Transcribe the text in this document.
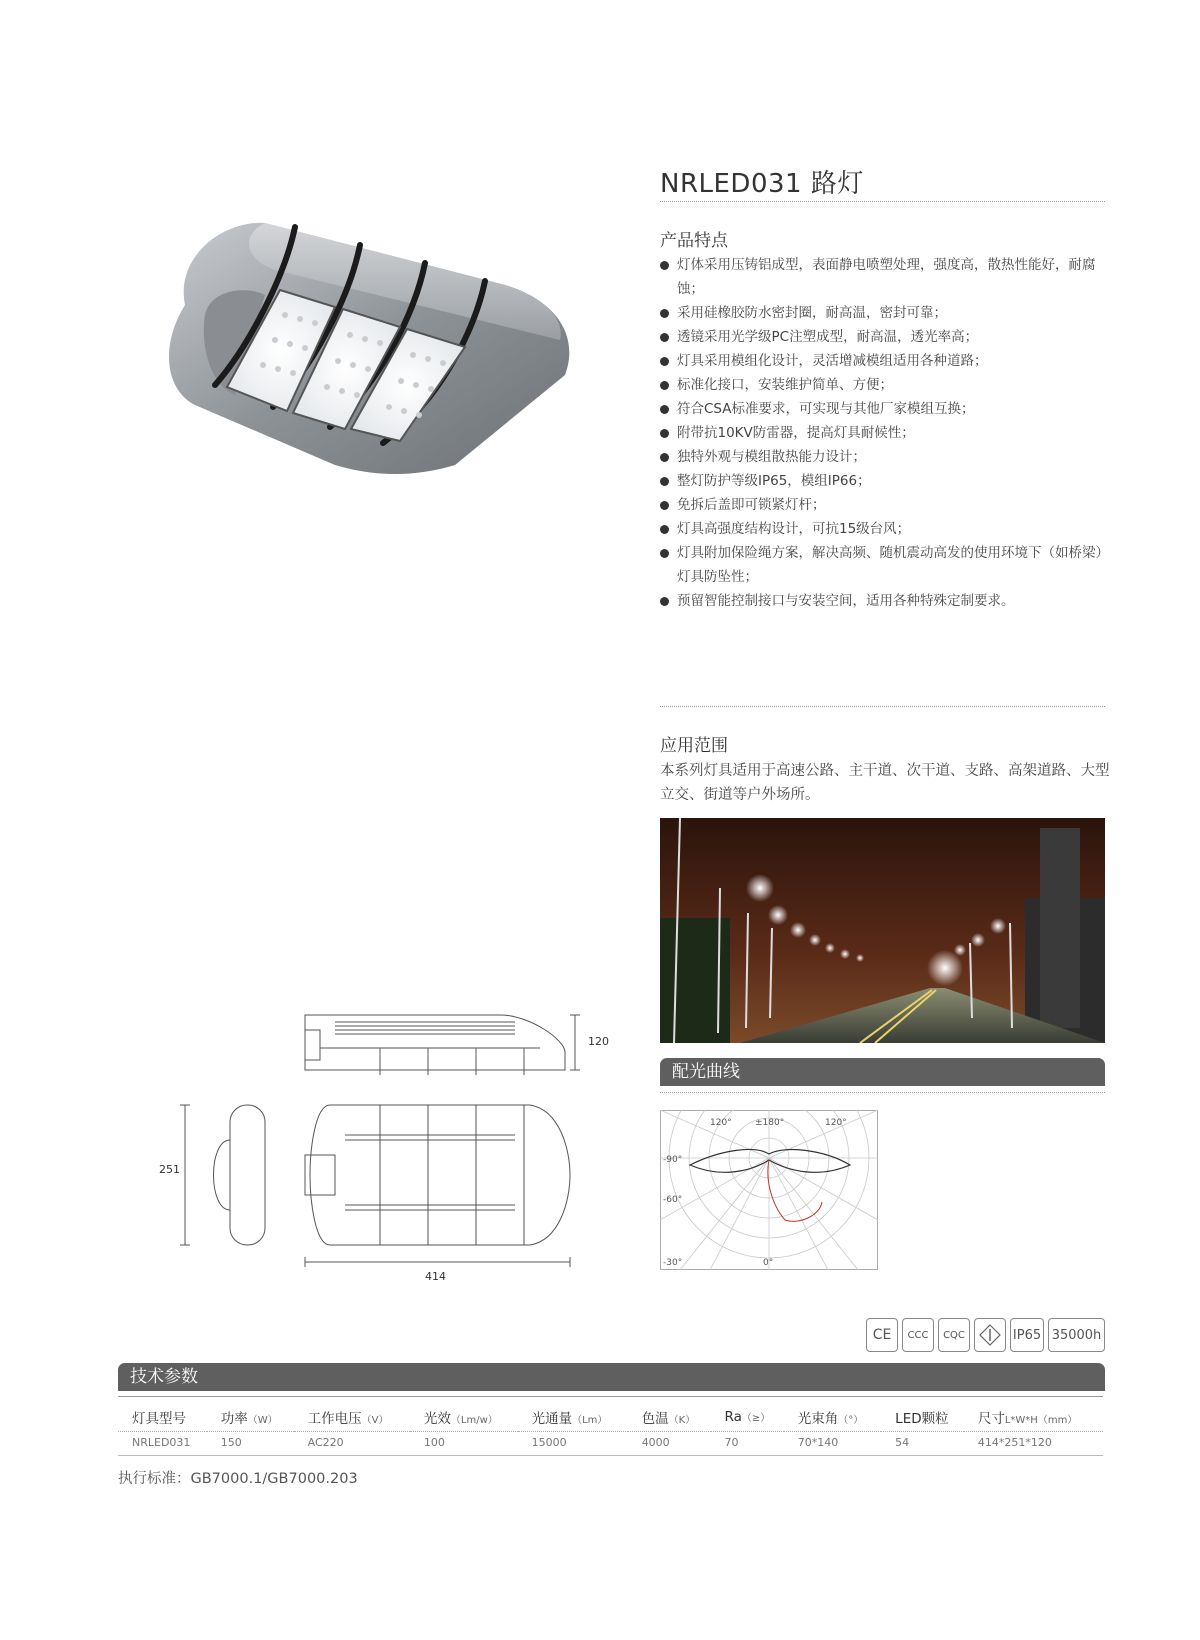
NRLED031 路灯
产品特点
灯体采用压铸铝成型，表面静电喷塑处理，强度高，散热性能好，耐腐蚀；
采用硅橡胶防水密封圈，耐高温，密封可靠；
透镜采用光学级PC注塑成型，耐高温，透光率高；
灯具采用模组化设计，灵活增减模组适用各种道路；
标准化接口，安装维护简单、方便；
符合CSA标准要求，可实现与其他厂家模组互换；
附带抗10KV防雷器，提高灯具耐候性；
独特外观与模组散热能力设计；
整灯防护等级IP65，模组IP66；
免拆后盖即可锁紧灯杆；
灯具高强度结构设计，可抗15级台风；
灯具附加保险绳方案，解决高频、随机震动高发的使用环境下（如桥梁）灯具防坠性；
预留智能控制接口与安装空间，适用各种特殊定制要求。
应用范围
本系列灯具适用于高速公路、主干道、次干道、支路、高架道路、大型立交、街道等户外场所。
配光曲线
120°	±180°	120°
-90°
-60°
-30°	0°
120
251
414
CE	CCC	CQC	IP65 35000h
技术参数
灯具型号	功率（W）	工作电压（V）	光效（Lm/w）	光通量（Lm）	色温（K）	Ra（≥）	光束角（°）	LED颗粒	尺寸L*W*H（mm）
NRLED031	150	AC220	100	15000	4000	70	70*140	54	414*251*120
执行标准：GB7000.1/GB7000.203
